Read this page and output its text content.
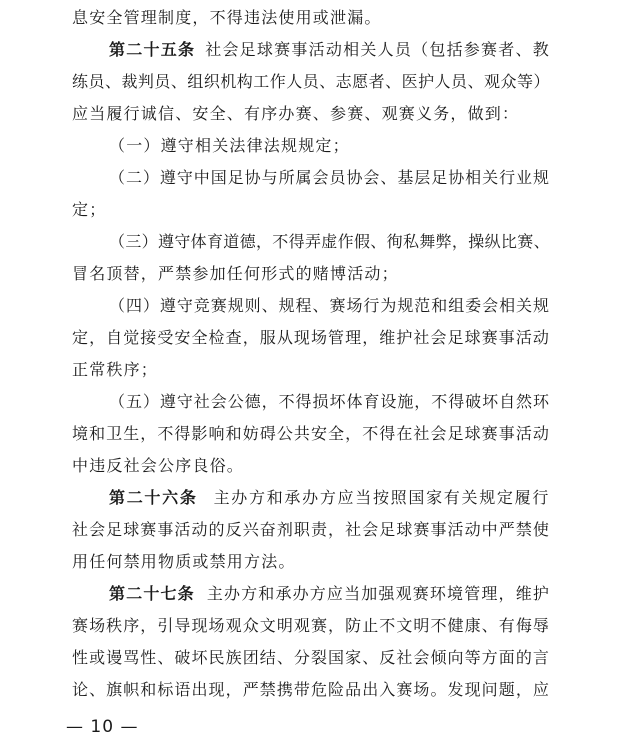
息安全管理制度，不得违法使用或泄漏。
第二十五条 社会足球赛事活动相关人员（包括参赛者、教
练员、裁判员、组织机构工作人员、志愿者、医护人员、观众等）
应当履行诚信、安全、有序办赛、参赛、观赛义务，做到：
（一）遵守相关法律法规规定；
（二）遵守中国足协与所属会员协会、基层足协相关行业规
定；
（三）遵守体育道德，不得弄虚作假、徇私舞弊，操纵比赛、
冒名顶替，严禁参加任何形式的赌博活动；
（四）遵守竞赛规则、规程、赛场行为规范和组委会相关规
定，自觉接受安全检查，服从现场管理，维护社会足球赛事活动
正常秩序；
（五）遵守社会公德，不得损坏体育设施，不得破坏自然环
境和卫生，不得影响和妨碍公共安全，不得在社会足球赛事活动
中违反社会公序良俗。
第二十六条 主办方和承办方应当按照国家有关规定履行
社会足球赛事活动的反兴奋剂职责，社会足球赛事活动中严禁使
用任何禁用物质或禁用方法。
第二十七条 主办方和承办方应当加强观赛环境管理，维护
— 10 —
论、旗帜和标语出现，严禁携带危险品出入赛场。发现问题，应
赛场秩序，引导现场观众文明观赛，防止不文明不健康、有侮辱
性或谩骂性、破坏民族团结、分裂国家、反社会倾向等方面的言
